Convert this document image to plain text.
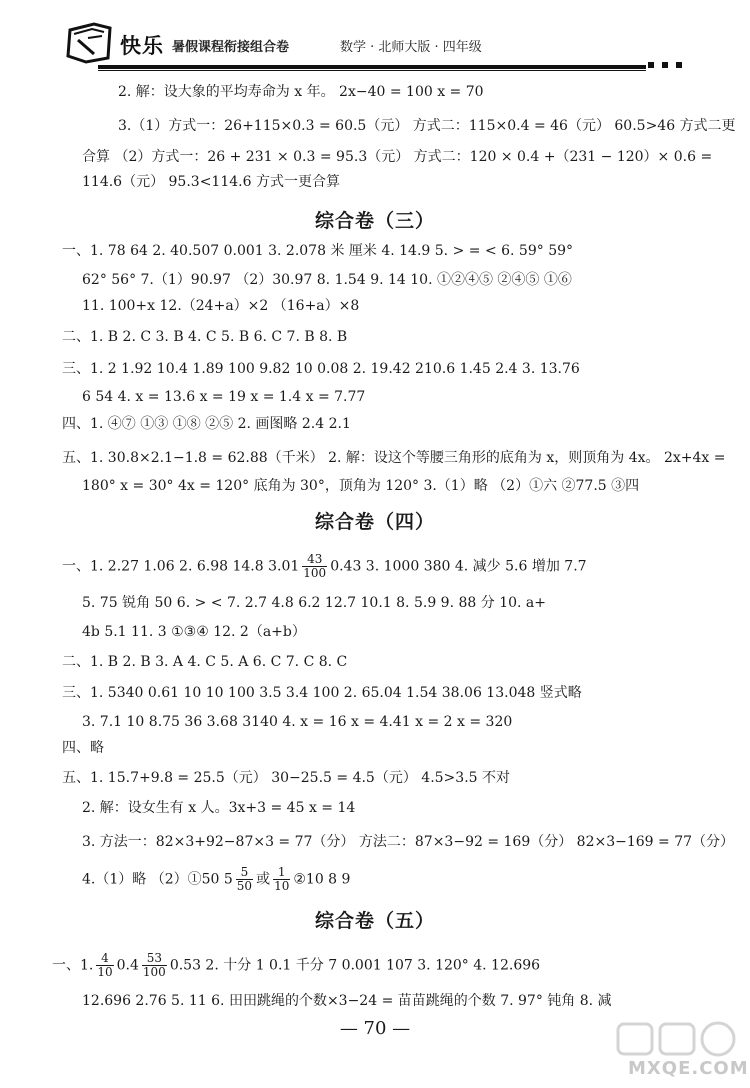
快乐 暑假课程衔接组合卷	数学 · 北师大版 · 四年级
2. 解：设大象的平均寿命为 x 年。 2x−40 = 100 x = 70
3.（1）方式一：26+115×0.3 = 60.5（元） 方式二：115×0.4 = 46（元） 60.5>46 方式二更
合算 （2）方式一：26 + 231 × 0.3 = 95.3（元） 方式二：120 × 0.4 +（231 − 120）× 0.6 =
114.6（元） 95.3<114.6 方式一更合算
综合卷（三）
一、1. 78 64 2. 40.507 0.001 3. 2.078 米 厘米 4. 14.9 5. > = < 6. 59° 59°
62° 56° 7.（1）90.97 （2）30.97 8. 1.54 9. 14 10. ①②④⑤ ②④⑤ ①⑥
11. 100+x 12.（24+a）×2 （16+a）×8
二、1. B 2. C 3. B 4. C 5. B 6. C 7. B 8. B
三、1. 2 1.92 10.4 1.89 100 9.82 10 0.08 2. 19.42 210.6 1.45 2.4 3. 13.76
6 54 4. x = 13.6 x = 19 x = 1.4 x = 7.77
四、1. ④⑦ ①③ ①⑧ ②⑤ 2. 画图略 2.4 2.1
五、1. 30.8×2.1−1.8 = 62.88（千米） 2. 解：设这个等腰三角形的底角为 x，则顶角为 4x。 2x+4x =
180° x = 30° 4x = 120° 底角为 30°，顶角为 120° 3.（1）略 （2）①六 ②77.5 ③四
综合卷（四）
一、1. 2.27 1.06 2. 6.98 14.8 $3.01 \frac{43}{100} 0.43$ 3. 1000 380 4. 减少 5.6 增加 7.7
5. 75 锐角 50 6. > < 7. 2.7 4.8 6.2 12.7 10.1 8. 5.9 9. 88 分 10. a+
4b 5.1 11. 3 ①③④ 12. 2（a+b）
二、1. B 2. B 3. A 4. C 5. A 6. C 7. C 8. C
三、1. 5340 0.61 10 10 100 3.5 3.4 100 2. 65.04 1.54 38.06 13.048 竖式略
3. 7.1 10 8.75 36 3.68 3140 4. x = 16 x = 4.41 x = 2 x = 320
四、略
五、1. 15.7+9.8 = 25.5（元） 30−25.5 = 4.5（元） 4.5>3.5 不对
2. 解：设女生有 x 人。3x+3 = 45 x = 14
3. 方法一：82×3+92−87×3 = 77（分） 方法二：87×3−92 = 169（分） 82×3−169 = 77（分）
4.（1）略 （2）①50 $5 \frac{5}{50}$ 或 $\frac{1}{10}$ ②10 8 9
综合卷（五）
一、1. $\frac{4}{10} 0.4 \frac{53}{100} 0.53$ 2. 十分 1 0.1 千分 7 0.001 107 3. 120° 4. 12.696
12.696 2.76 5. 11 6. 田田跳绳的个数×3−24 = 苗苗跳绳的个数 7. 97° 钝角 8. 减
— 70 —
MXQE.COM
